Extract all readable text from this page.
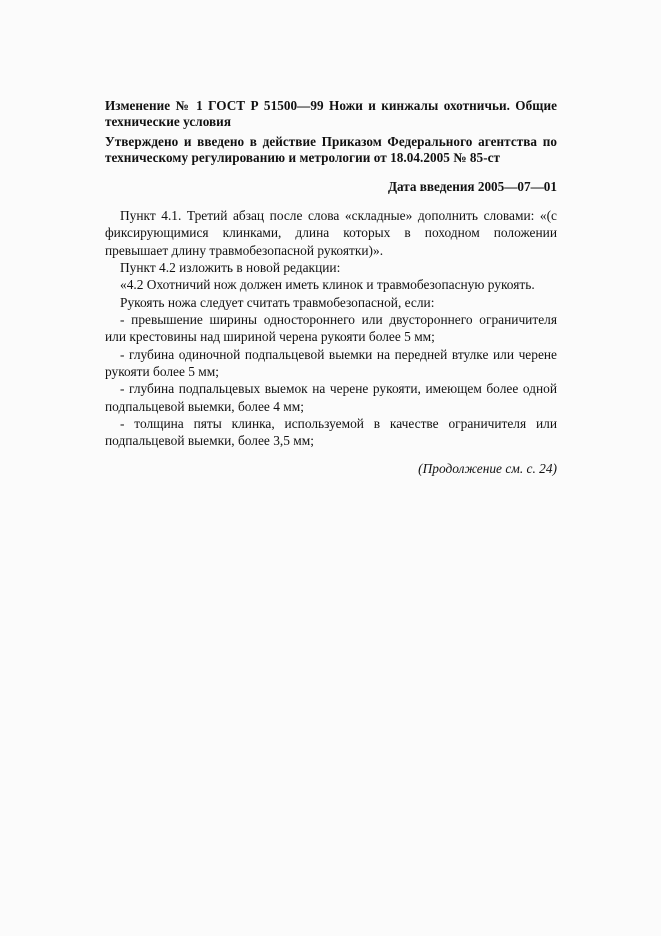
Изменение № 1 ГОСТ Р 51500—99 Ножи и кинжалы охотничьи. Общие технические условия

Утверждено и введено в действие Приказом Федерального агентства по техническому регулированию и метрологии от 18.04.2005 № 85-ст

Дата введения 2005—07—01

Пункт 4.1. Третий абзац после слова «складные» дополнить словами: «(с фиксирующимися клинками, длина которых в походном положении превышает длину травмобезопасной рукоятки)».

Пункт 4.2 изложить в новой редакции:

«4.2 Охотничий нож должен иметь клинок и травмобезопасную рукоять.

Рукоять ножа следует считать травмобезопасной, если:

- превышение ширины одностороннего или двустороннего ограничителя или крестовины над шириной черена рукояти более 5 мм;

- глубина одиночной подпальцевой выемки на передней втулке или черене рукояти более 5 мм;

- глубина подпальцевых выемок на черене рукояти, имеющем более одной подпальцевой выемки, более 4 мм;

- толщина пяты клинка, используемой в качестве ограничителя или подпальцевой выемки, более 3,5 мм;

(Продолжение см. с. 24)
